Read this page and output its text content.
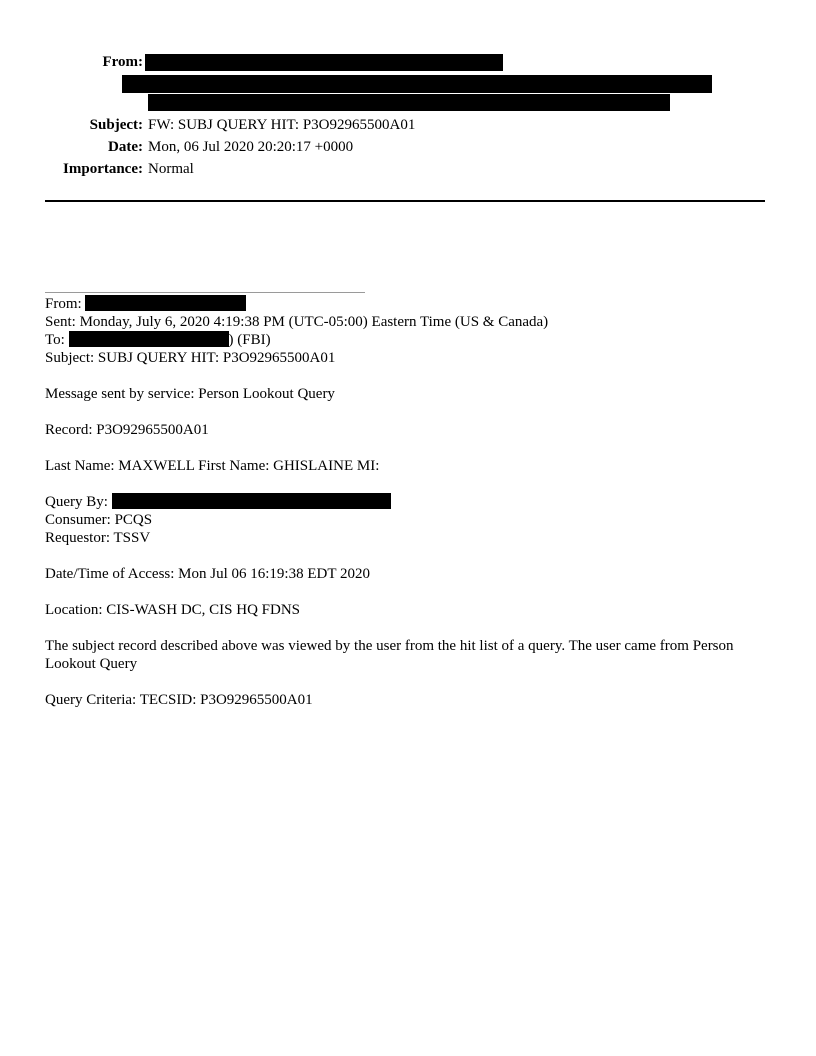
From:
Subject: FW: SUBJ QUERY HIT: P3O92965500A01
Date: Mon, 06 Jul 2020 20:20:17 +0000
Importance: Normal
From:
Sent: Monday, July 6, 2020 4:19:38 PM (UTC-05:00) Eastern Time (US & Canada)
To:	) (FBI)
Subject: SUBJ QUERY HIT: P3O92965500A01
Message sent by service: Person Lookout Query
Record: P3O92965500A01
Last Name: MAXWELL First Name: GHISLAINE MI:
Query By:
Consumer: PCQS
Requestor: TSSV
Date/Time of Access: Mon Jul 06 16:19:38 EDT 2020
Location: CIS-WASH DC, CIS HQ FDNS
The subject record described above was viewed by the user from the hit list of a query. The user came from Person Lookout Query
Query Criteria: TECSID: P3O92965500A01
